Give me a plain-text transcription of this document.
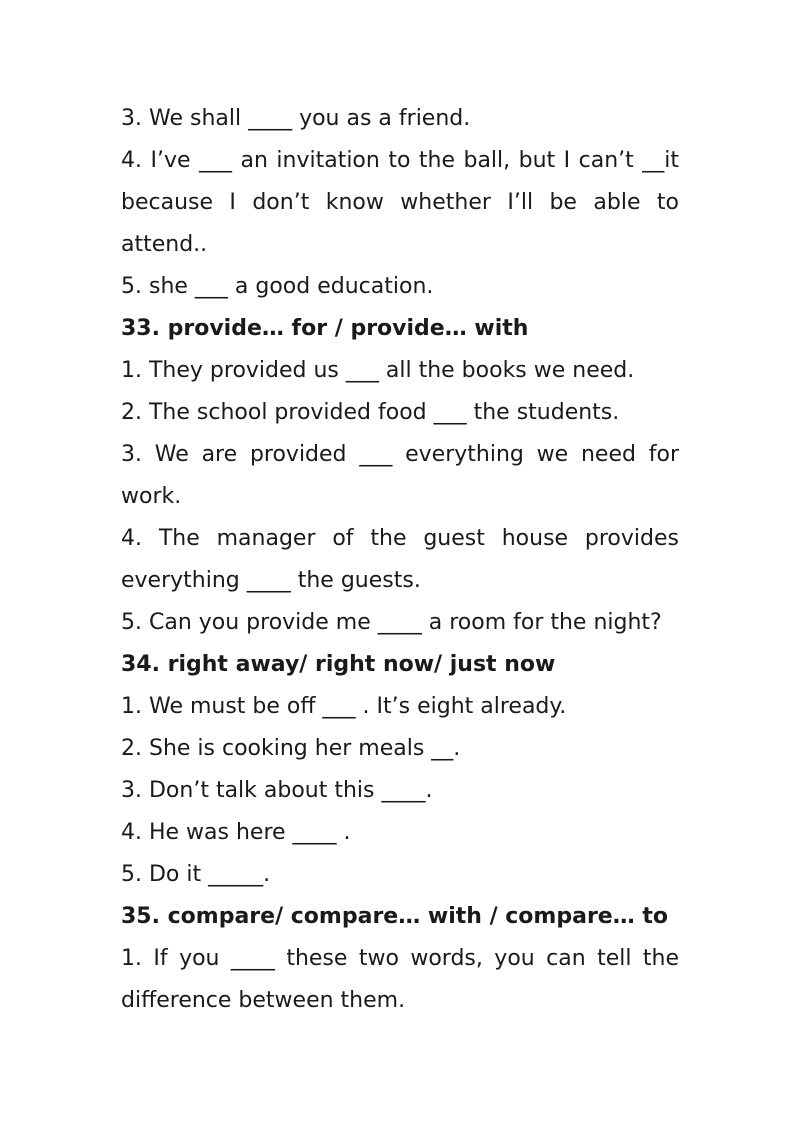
3. We shall ____ you as a friend.

4. I’ve ___ an invitation to the ball, but I can’t __it because I don’t know whether I’ll be able to attend..

5. she ___ a good education.

33. provide… for / provide… with

1. They provided us ___ all the books we need.

2. The school provided food ___ the students.

3. We are provided ___ everything we need for work.

4. The manager of the guest house provides everything ____ the guests.

5. Can you provide me ____ a room for the night?

34. right away/ right now/ just now

1. We must be off ___ . It’s eight already.

2. She is cooking her meals __.

3. Don’t talk about this ____.

4. He was here ____ .

5. Do it _____.

35. compare/ compare… with / compare… to

1. If you ____ these two words, you can tell the difference between them.
